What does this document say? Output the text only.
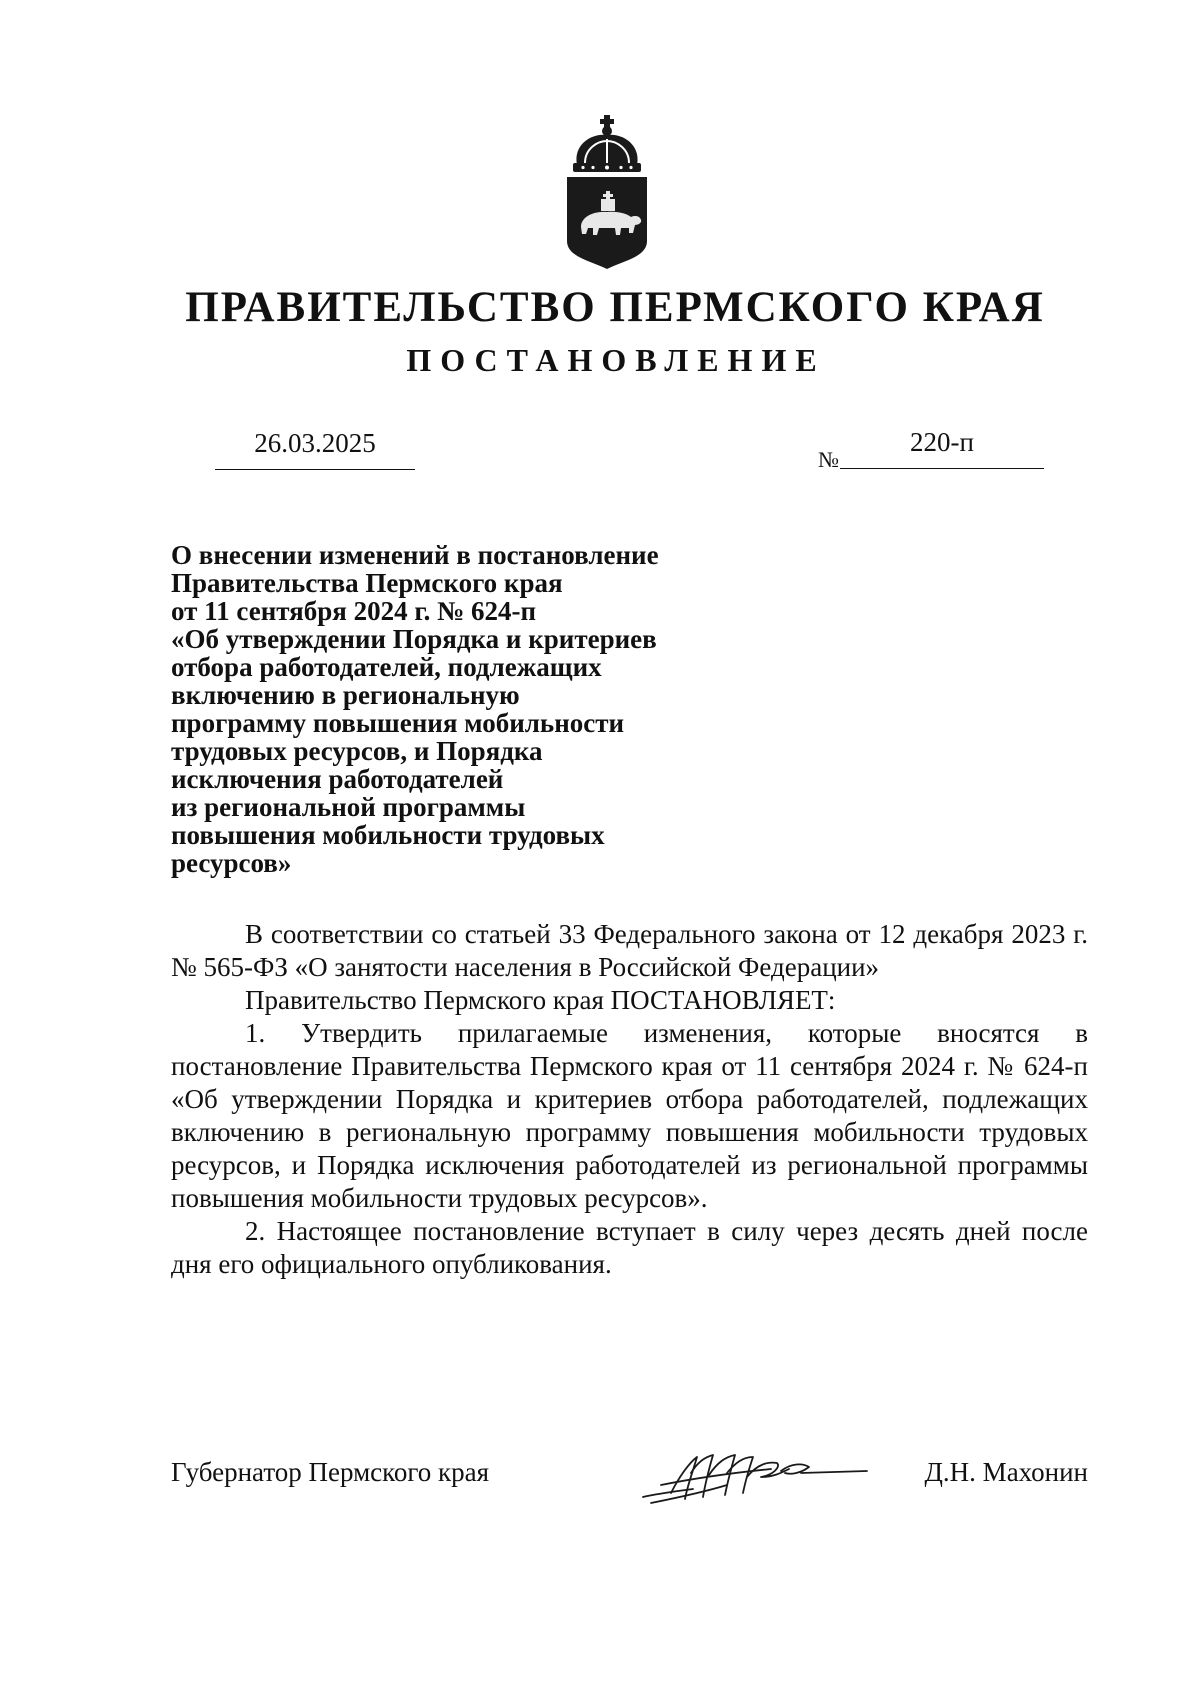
ПРАВИТЕЛЬСТВО ПЕРМСКОГО КРАЯ
ПОСТАНОВЛЕНИЕ
26.03.2025
№
220-п
О внесении изменений в постановление
Правительства Пермского края
от 11 сентября 2024 г. № 624-п
«Об утверждении Порядка и критериев
отбора работодателей, подлежащих
включению в региональную
программу повышения мобильности
трудовых ресурсов, и Порядка
исключения работодателей
из региональной программы
повышения мобильности трудовых
ресурсов»

В соответствии со статьей 33 Федерального закона от 12 декабря 2023 г. № 565-ФЗ «О занятости населения в Российской Федерации»

Правительство Пермского края ПОСТАНОВЛЯЕТ:

1. Утвердить прилагаемые изменения, которые вносятся в постановление Правительства Пермского края от 11 сентября 2024 г. № 624-п «Об утверждении Порядка и критериев отбора работодателей, подлежащих включению в региональную программу повышения мобильности трудовых ресурсов, и Порядка исключения работодателей из региональной программы повышения мобильности трудовых ресурсов».

2. Настоящее постановление вступает в силу через десять дней после дня его официального опубликования.

Губернатор Пермского края	Д.Н. Махонин
